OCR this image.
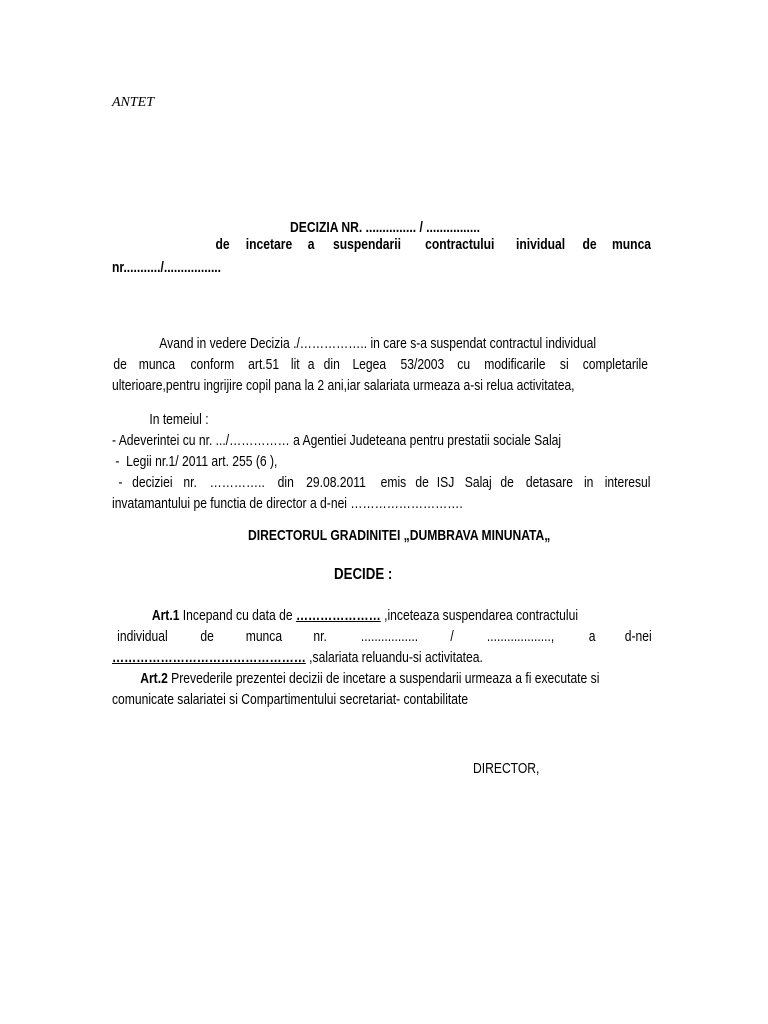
ANTET
DECIZIA NR. ............... / ................
de incetare a suspendarii contractului inividual de munca
nr.........../.................
Avand in vedere Decizia ./…………….. in care s-a suspendat contractul individual
de munca conform art.51 lit a din Legea 53/2003 cu modificarile si completarile
ulterioare,pentru ingrijire copil pana la 2 ani,iar salariata urmeaza a-si relua activitatea,
In temeiul :
- Adeverintei cu nr. .../…………… a Agentiei Judeteana pentru prestatii sociale Salaj
-  Legii nr.1/ 2011 art. 255 (6 ),
- deciziei nr. ………….. din 29.08.2011 emis de ISJ Salaj de detasare in interesul
invatamantului pe functia de director a d-nei ……………………….
DIRECTORUL GRADINITEI „DUMBRAVA MINUNATA„
DECIDE :
Art.1 Incepand cu data de ………………… ,inceteaza suspendarea contractului
individual de munca nr. ................. / ..................., a d-nei
………………………………………… ,salariata reluandu-si activitatea.
Art.2 Prevederile prezentei decizii de incetare a suspendarii urmeaza a fi executate si
comunicate salariatei si Compartimentului secretariat- contabilitate
DIRECTOR,
